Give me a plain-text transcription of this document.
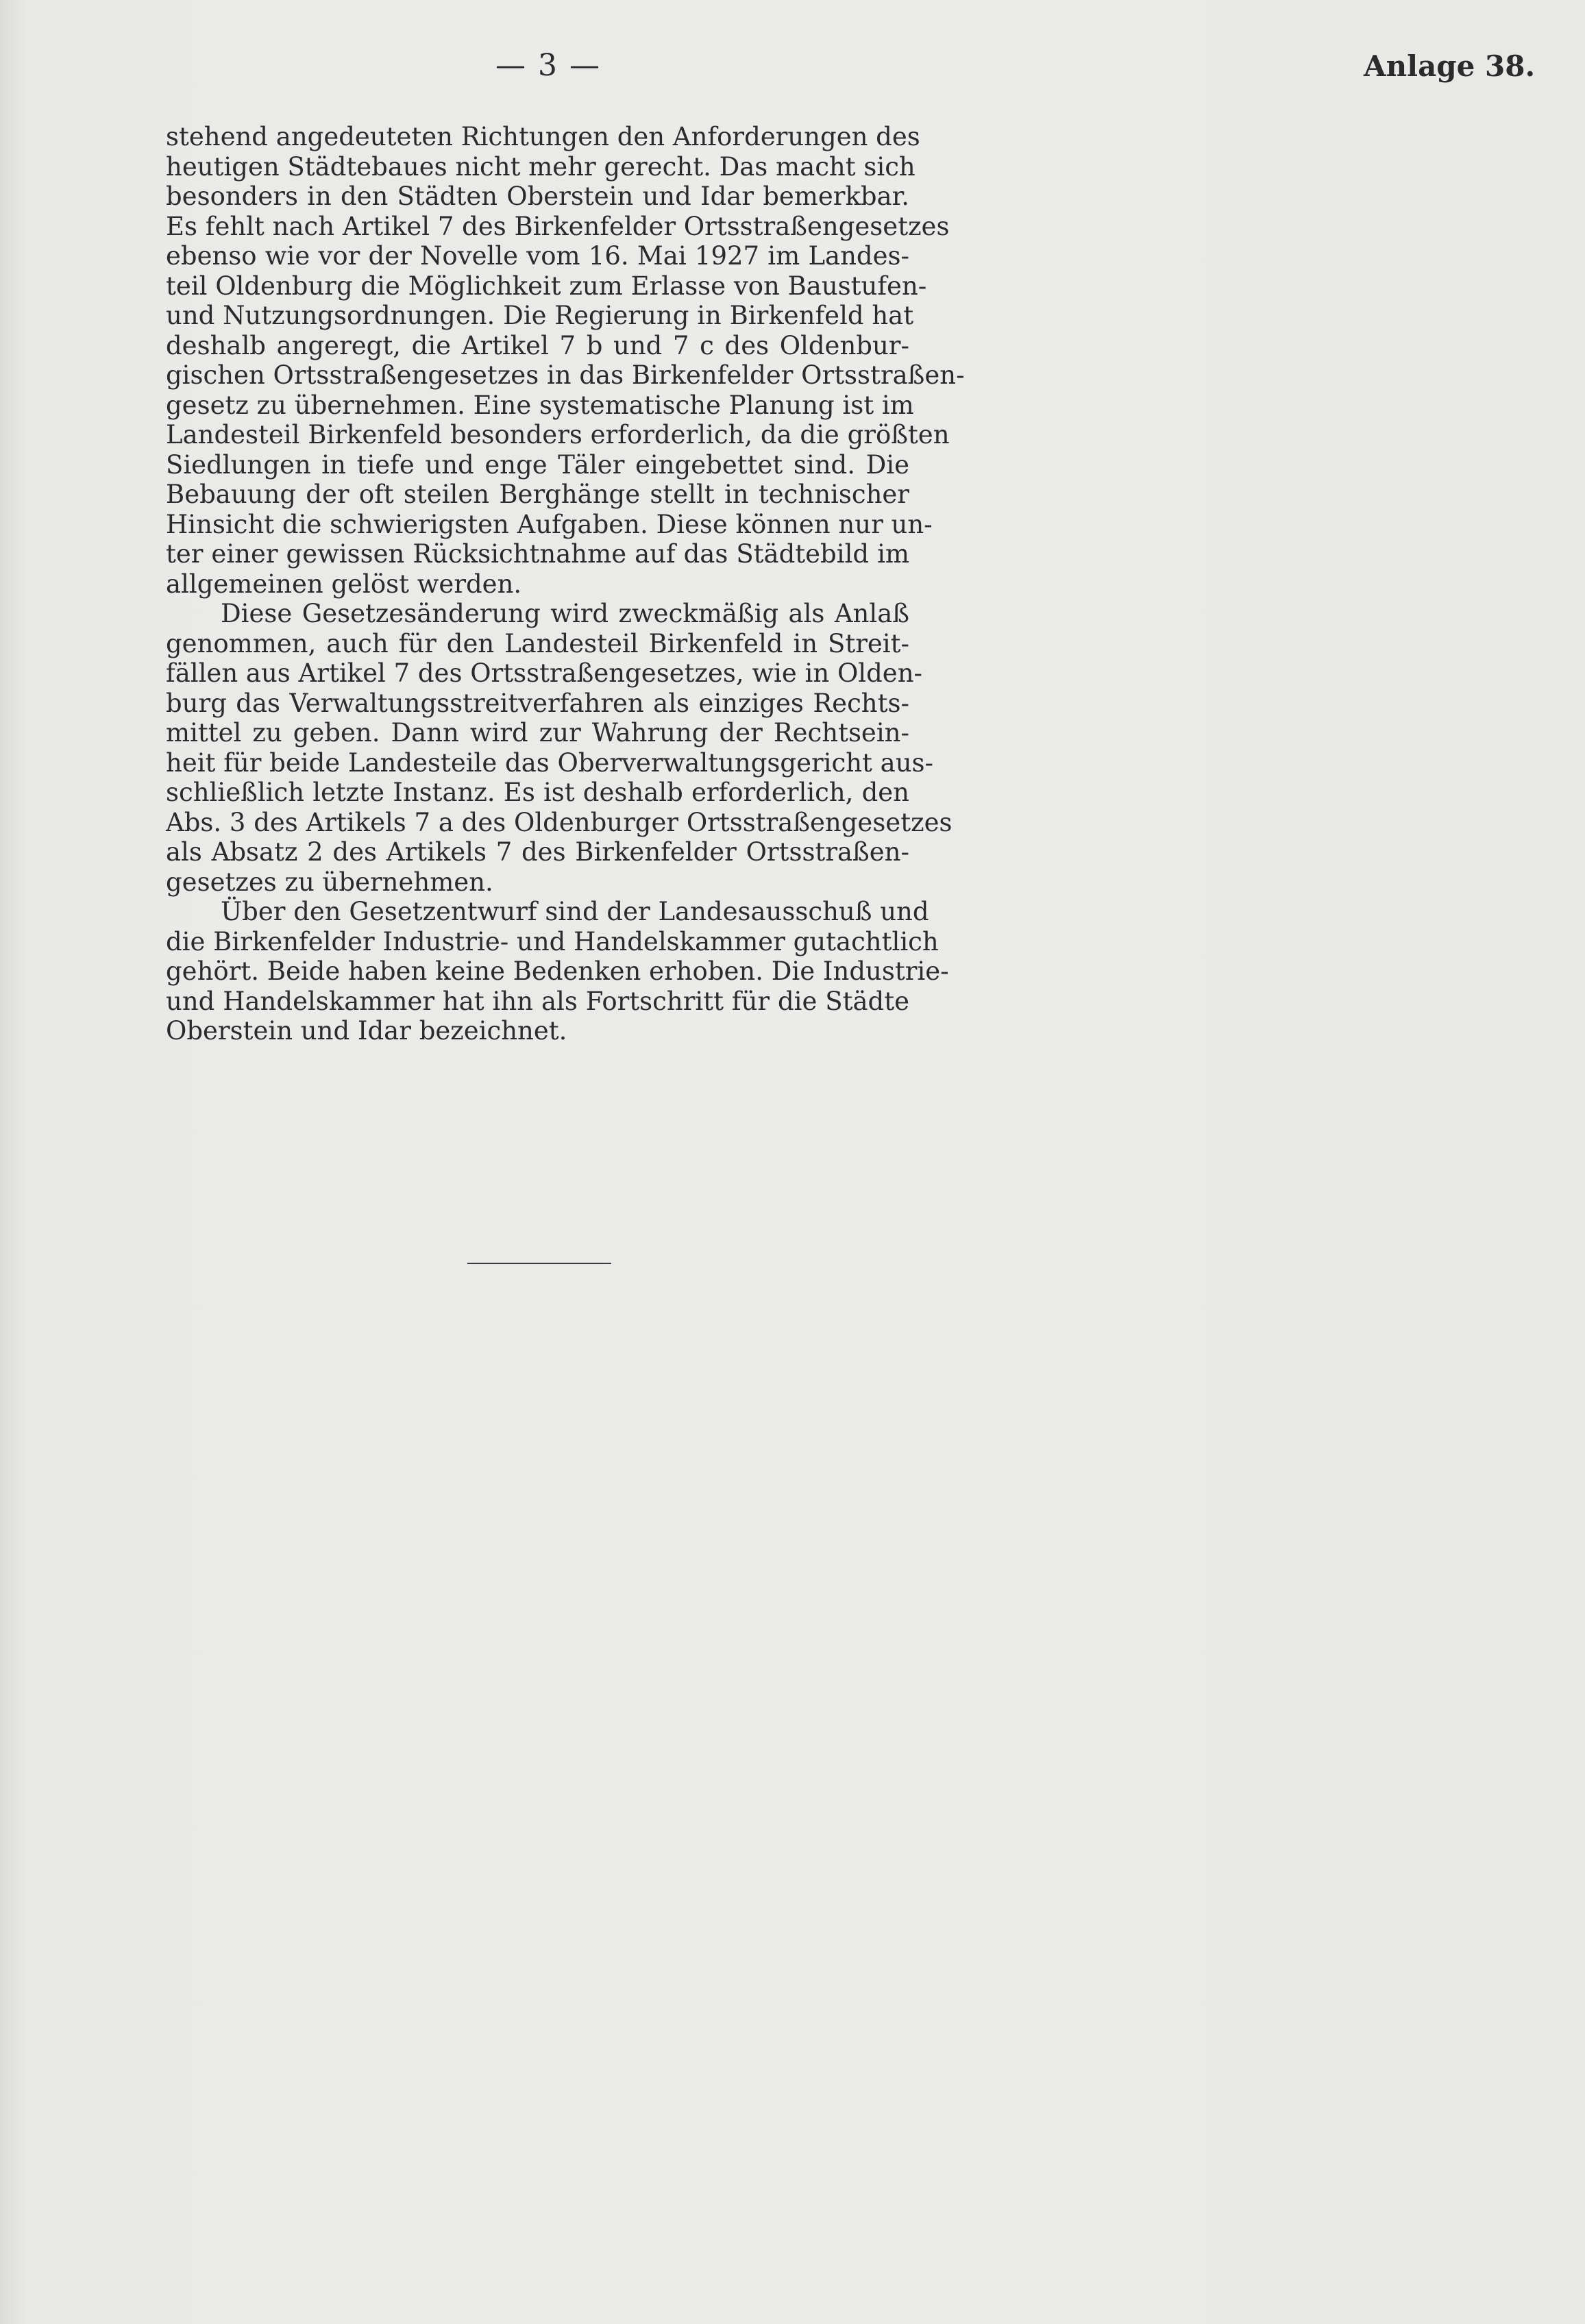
— 3 —	Anlage 38.
stehend angedeuteten Richtungen den Anforderungen des
heutigen Städtebaues nicht mehr gerecht. Das macht sich
besonders in den Städten Oberstein und Idar bemerkbar.
Es fehlt nach Artikel 7 des Birkenfelder Ortsstraßengesetzes
ebenso wie vor der Novelle vom 16. Mai 1927 im Landes-
teil Oldenburg die Möglichkeit zum Erlasse von Baustufen-
und Nutzungsordnungen. Die Regierung in Birkenfeld hat
deshalb angeregt, die Artikel 7 b und 7 c des Oldenbur-
gischen Ortsstraßengesetzes in das Birkenfelder Ortsstraßen-
gesetz zu übernehmen. Eine systematische Planung ist im
Landesteil Birkenfeld besonders erforderlich, da die größten
Siedlungen in tiefe und enge Täler eingebettet sind. Die
Bebauung der oft steilen Berghänge stellt in technischer
Hinsicht die schwierigsten Aufgaben. Diese können nur un-
ter einer gewissen Rücksichtnahme auf das Städtebild im
allgemeinen gelöst werden.
Diese Gesetzesänderung wird zweckmäßig als Anlaß
genommen, auch für den Landesteil Birkenfeld in Streit-
fällen aus Artikel 7 des Ortsstraßengesetzes, wie in Olden-
burg das Verwaltungsstreitverfahren als einziges Rechts-
mittel zu geben. Dann wird zur Wahrung der Rechtsein-
heit für beide Landesteile das Oberverwaltungsgericht aus-
schließlich letzte Instanz. Es ist deshalb erforderlich, den
Abs. 3 des Artikels 7 a des Oldenburger Ortsstraßengesetzes
als Absatz 2 des Artikels 7 des Birkenfelder Ortsstraßen-
gesetzes zu übernehmen.
Über den Gesetzentwurf sind der Landesausschuß und
die Birkenfelder Industrie- und Handelskammer gutachtlich
gehört. Beide haben keine Bedenken erhoben. Die Industrie-
und Handelskammer hat ihn als Fortschritt für die Städte
Oberstein und Idar bezeichnet.
